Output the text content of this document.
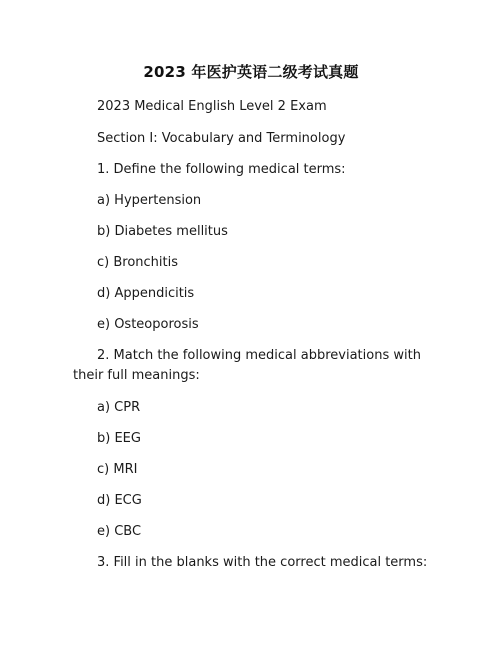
2023 年医护英语二级考试真题
2023 Medical English Level 2 Exam
Section I: Vocabulary and Terminology
1. Define the following medical terms:
a) Hypertension
b) Diabetes mellitus
c) Bronchitis
d) Appendicitis
e) Osteoporosis
2. Match the following medical abbreviations with their full meanings:
a) CPR
b) EEG
c) MRI
d) ECG
e) CBC
3. Fill in the blanks with the correct medical terms:
